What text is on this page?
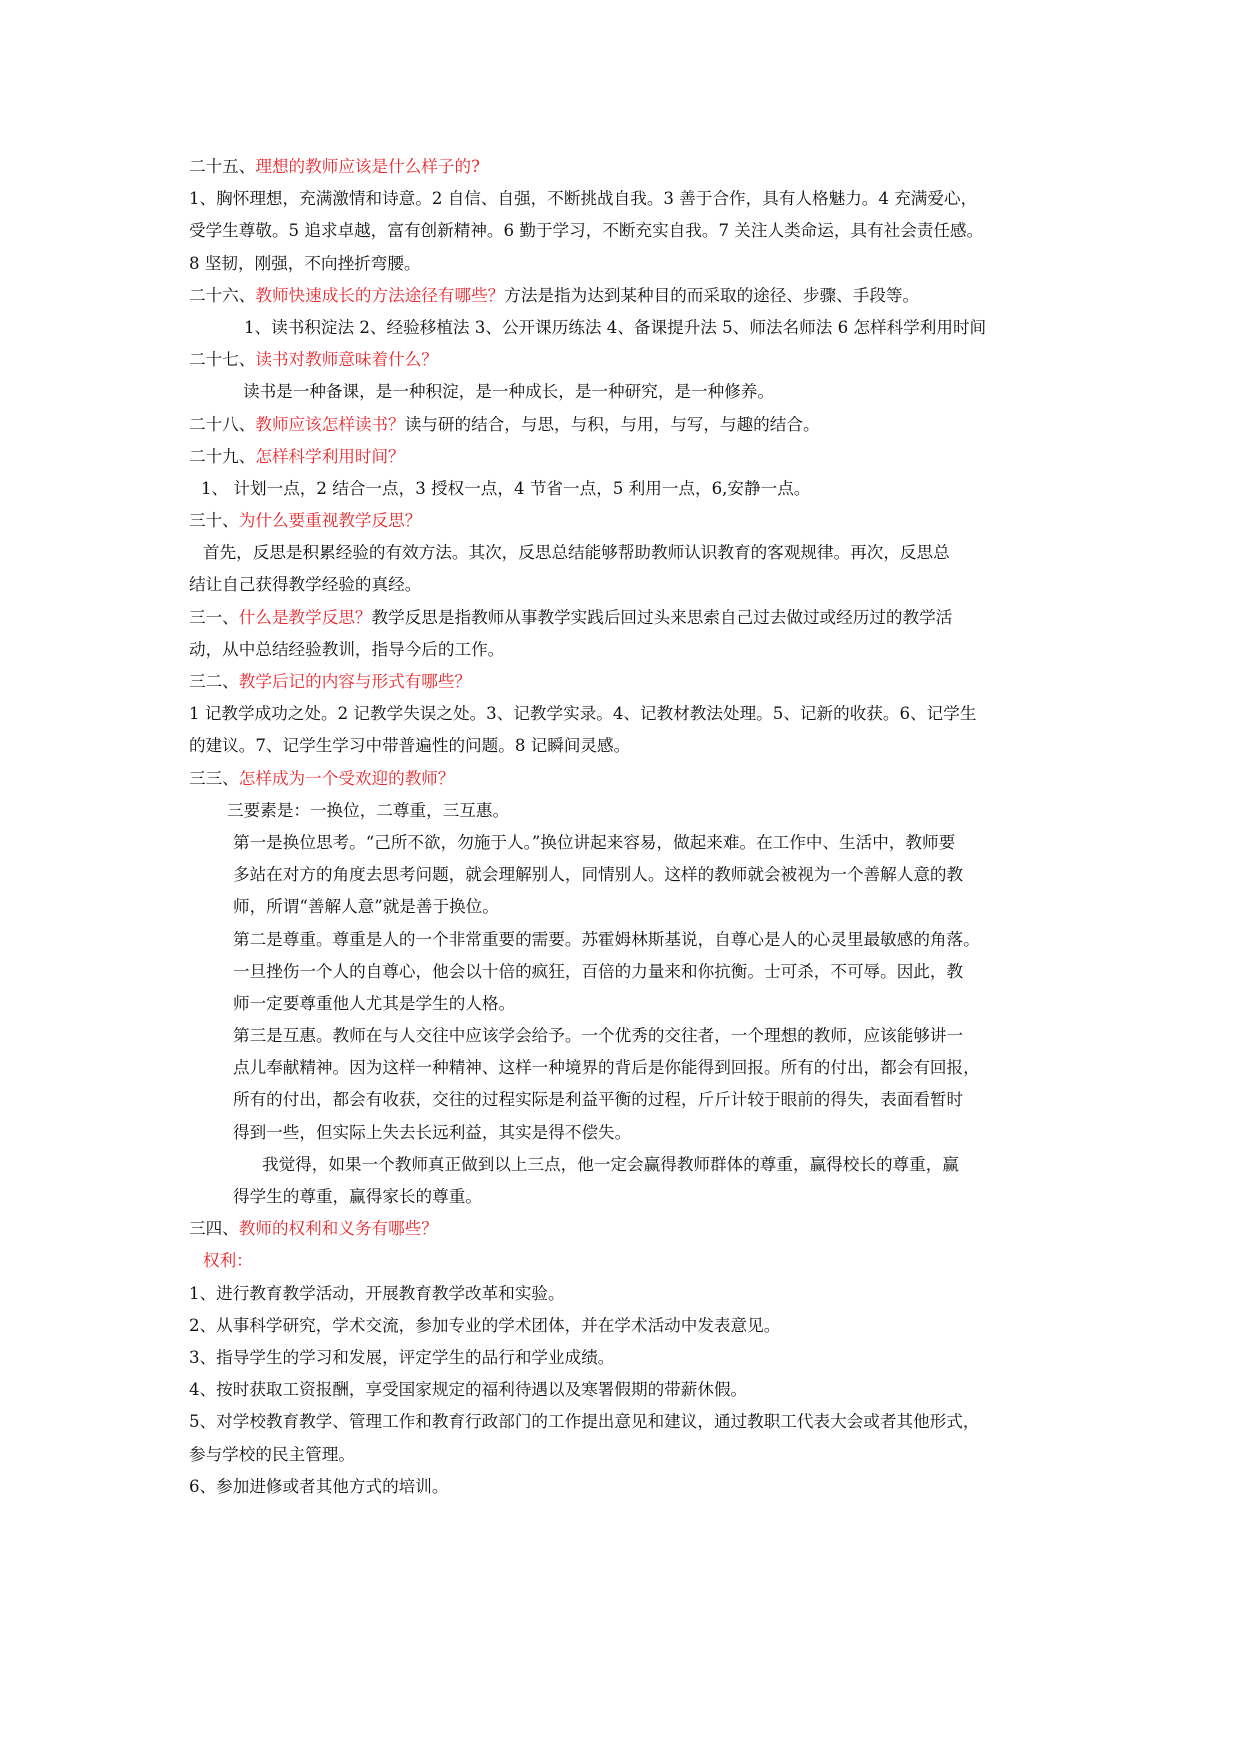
二十五、理想的教师应该是什么样子的?
1、胸怀理想，充满激情和诗意。2 自信、自强，不断挑战自我。3 善于合作，具有人格魅力。4 充满爱心，
受学生尊敬。5 追求卓越，富有创新精神。6 勤于学习，不断充实自我。7 关注人类命运，具有社会责任感。
8 坚韧，刚强，不向挫折弯腰。
二十六、教师快速成长的方法途径有哪些？方法是指为达到某种目的而采取的途径、步骤、手段等。
1、读书积淀法 2、经验移植法 3、公开课历练法 4、备课提升法 5、师法名师法 6 怎样科学利用时间
二十七、读书对教师意味着什么？
读书是一种备课，是一种积淀，是一种成长，是一种研究，是一种修养。
二十八、教师应该怎样读书？读与研的结合，与思，与积，与用，与写，与趣的结合。
二十九、怎样科学利用时间？
1、 计划一点，2 结合一点，3 授权一点，4 节省一点，5 利用一点，6,安静一点。
三十、为什么要重视教学反思？
首先，反思是积累经验的有效方法。其次，反思总结能够帮助教师认识教育的客观规律。再次，反思总
结让自己获得教学经验的真经。
三一、什么是教学反思？教学反思是指教师从事教学实践后回过头来思索自己过去做过或经历过的教学活
动，从中总结经验教训，指导今后的工作。
三二、教学后记的内容与形式有哪些？
1 记教学成功之处。2 记教学失误之处。3、记教学实录。4、记教材教法处理。5、记新的收获。6、记学生
的建议。7、记学生学习中带普遍性的问题。8 记瞬间灵感。
三三、怎样成为一个受欢迎的教师？
三要素是：一换位，二尊重，三互惠。
第一是换位思考。“己所不欲，勿施于人。”换位讲起来容易，做起来难。在工作中、生活中，教师要
多站在对方的角度去思考问题，就会理解别人，同情别人。这样的教师就会被视为一个善解人意的教
师，所谓“善解人意”就是善于换位。
第二是尊重。尊重是人的一个非常重要的需要。苏霍姆林斯基说，自尊心是人的心灵里最敏感的角落。
一旦挫伤一个人的自尊心，他会以十倍的疯狂，百倍的力量来和你抗衡。士可杀，不可辱。因此，教
师一定要尊重他人尤其是学生的人格。
第三是互惠。教师在与人交往中应该学会给予。一个优秀的交往者，一个理想的教师，应该能够讲一
点儿奉献精神。因为这样一种精神、这样一种境界的背后是你能得到回报。所有的付出，都会有回报，
所有的付出，都会有收获，交往的过程实际是利益平衡的过程，斤斤计较于眼前的得失，表面看暂时
得到一些，但实际上失去长远利益，其实是得不偿失。
我觉得，如果一个教师真正做到以上三点，他一定会赢得教师群体的尊重，赢得校长的尊重，赢
得学生的尊重，赢得家长的尊重。
三四、教师的权利和义务有哪些？
权利：
1、进行教育教学活动，开展教育教学改革和实验。
2、从事科学研究，学术交流，参加专业的学术团体，并在学术活动中发表意见。
3、指导学生的学习和发展，评定学生的品行和学业成绩。
4、按时获取工资报酬，享受国家规定的福利待遇以及寒署假期的带薪休假。
5、对学校教育教学、管理工作和教育行政部门的工作提出意见和建议，通过教职工代表大会或者其他形式，
参与学校的民主管理。
6、参加进修或者其他方式的培训。
